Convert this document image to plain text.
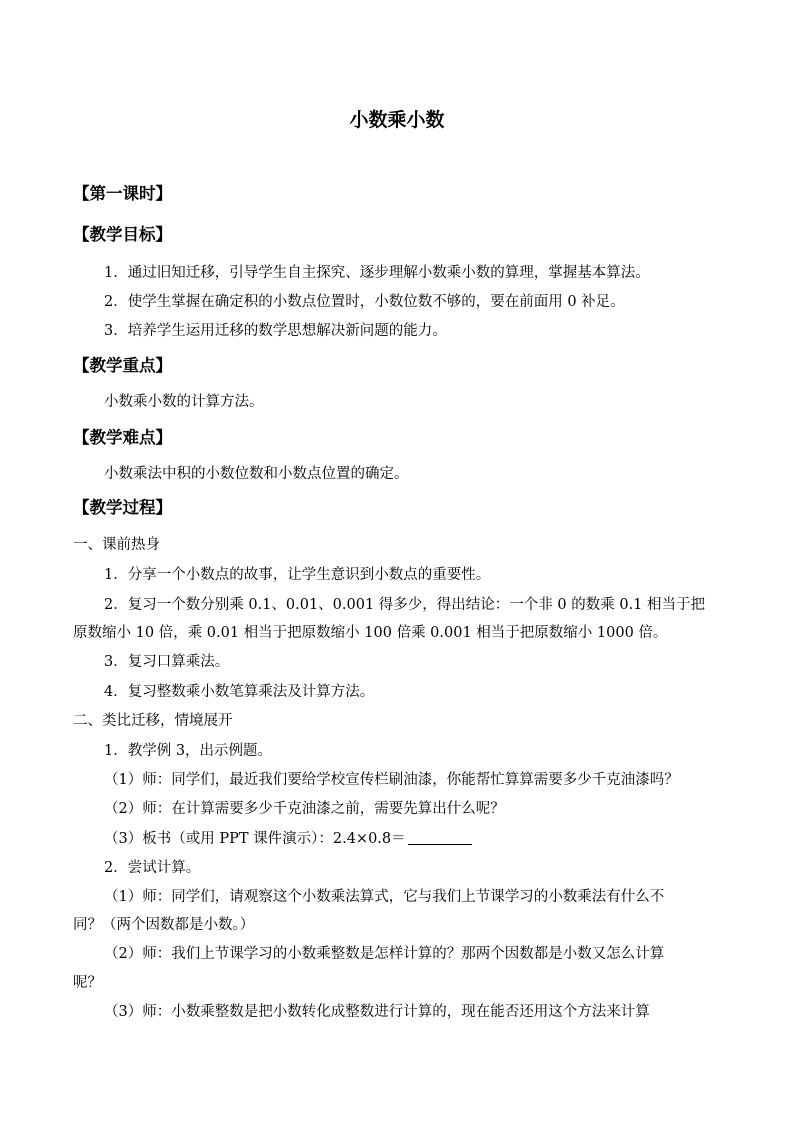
小数乘小数
【第一课时】
【教学目标】
1．通过旧知迁移，引导学生自主探究、逐步理解小数乘小数的算理，掌握基本算法。
2．使学生掌握在确定积的小数点位置时，小数位数不够的，要在前面用 0 补足。
3．培养学生运用迁移的数学思想解决新问题的能力。
【教学重点】
小数乘小数的计算方法。
【教学难点】
小数乘法中积的小数位数和小数点位置的确定。
【教学过程】
一、课前热身
1．分享一个小数点的故事，让学生意识到小数点的重要性。
2．复习一个数分别乘 0.1、0.01、0.001 得多少，得出结论：一个非 0 的数乘 0.1 相当于把
原数缩小 10 倍，乘 0.01 相当于把原数缩小 100 倍乘 0.001 相当于把原数缩小 1000 倍。
3．复习口算乘法。
4．复习整数乘小数笔算乘法及计算方法。
二、类比迁移，情境展开
1．教学例 3，出示例题。
（1）师：同学们，最近我们要给学校宣传栏刷油漆，你能帮忙算算需要多少千克油漆吗？
（2）师：在计算需要多少千克油漆之前，需要先算出什么呢？
（3）板书（或用 PPT 课件演示）：2.4×0.8＝
2．尝试计算。
（1）师：同学们，请观察这个小数乘法算式，它与我们上节课学习的小数乘法有什么不
同？（两个因数都是小数。）
（2）师：我们上节课学习的小数乘整数是怎样计算的？那两个因数都是小数又怎么计算
呢？
（3）师：小数乘整数是把小数转化成整数进行计算的，现在能否还用这个方法来计算
